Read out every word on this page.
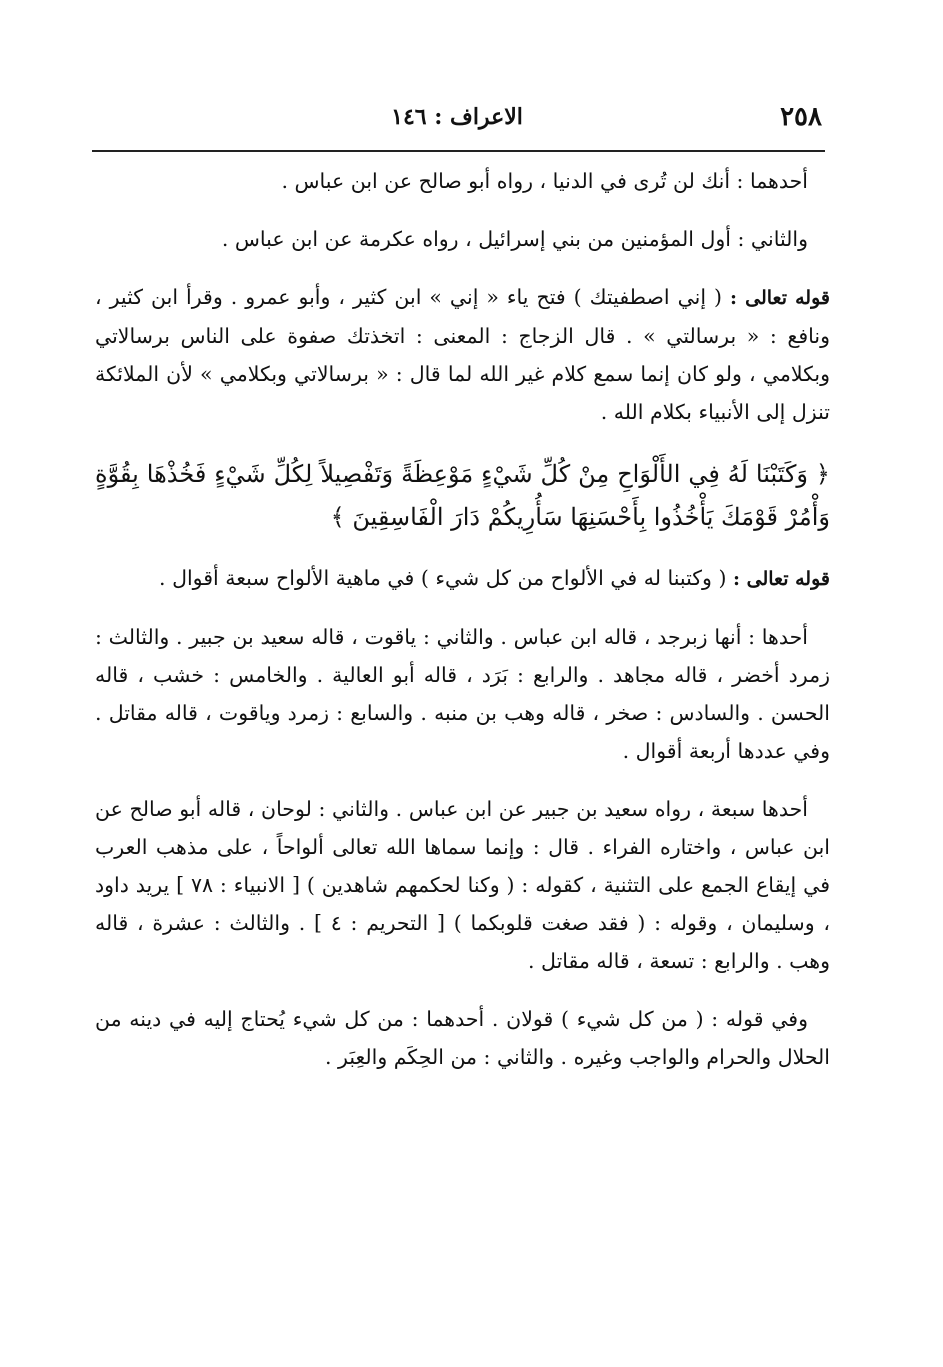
٢٥٨
الاعراف : ١٤٦

أحدهما : أنك لن تُرى في الدنيا ، رواه أبو صالح عن ابن عباس .

والثاني : أول المؤمنين من بني إسرائيل ، رواه عكرمة عن ابن عباس .

قوله تعالى : ( إني اصطفيتك ) فتح ياء « إني » ابن كثير ، وأبو عمرو . وقرأ ابن كثير ، ونافع : « برسالتي » . قال الزجاج : المعنى : اتخذتك صفوة على الناس برسالاتي وبكلامي ، ولو كان إنما سمع كلام غير الله لما قال : « برسالاتي وبكلامي » لأن الملائكة تنزل إلى الأنبياء بكلام الله .

﴿ وَكَتَبْنَا لَهُ فِي الأَلْوَاحِ مِنْ كُلِّ شَيْءٍ مَوْعِظَةً وَتَفْصِيلاً لِكُلِّ شَيْءٍ فَخُذْهَا بِقُوَّةٍ وَأْمُرْ قَوْمَكَ يَأْخُذُوا بِأَحْسَنِهَا سَأُرِيكُمْ دَارَ الْفَاسِقِينَ ﴾

قوله تعالى : ( وكتبنا له في الألواح من كل شيء ) في ماهية الألواح سبعة أقوال .

أحدها : أنها زبرجد ، قاله ابن عباس . والثاني : ياقوت ، قاله سعيد بن جبير . والثالث : زمرد أخضر ، قاله مجاهد . والرابع : بَرَد ، قاله أبو العالية . والخامس : خشب ، قاله الحسن . والسادس : صخر ، قاله وهب بن منبه . والسابع : زمرد وياقوت ، قاله مقاتل . وفي عددها أربعة أقوال .

أحدها سبعة ، رواه سعيد بن جبير عن ابن عباس . والثاني : لوحان ، قاله أبو صالح عن ابن عباس ، واختاره الفراء . قال : وإنما سماها الله تعالى ألواحاً ، على مذهب العرب في إيقاع الجمع على التثنية ، كقوله : ( وكنا لحكمهم شاهدين ) [ الانبياء : ٧٨ ] يريد داود ، وسليمان ، وقوله : ( فقد صغت قلوبكما ) [ التحريم : ٤ ] . والثالث : عشرة ، قاله وهب . والرابع : تسعة ، قاله مقاتل .

وفي قوله : ( من كل شيء ) قولان . أحدهما : من كل شيء يُحتاج إليه في دينه من الحلال والحرام والواجب وغيره . والثاني : من الحِكَم والعِبَر .
